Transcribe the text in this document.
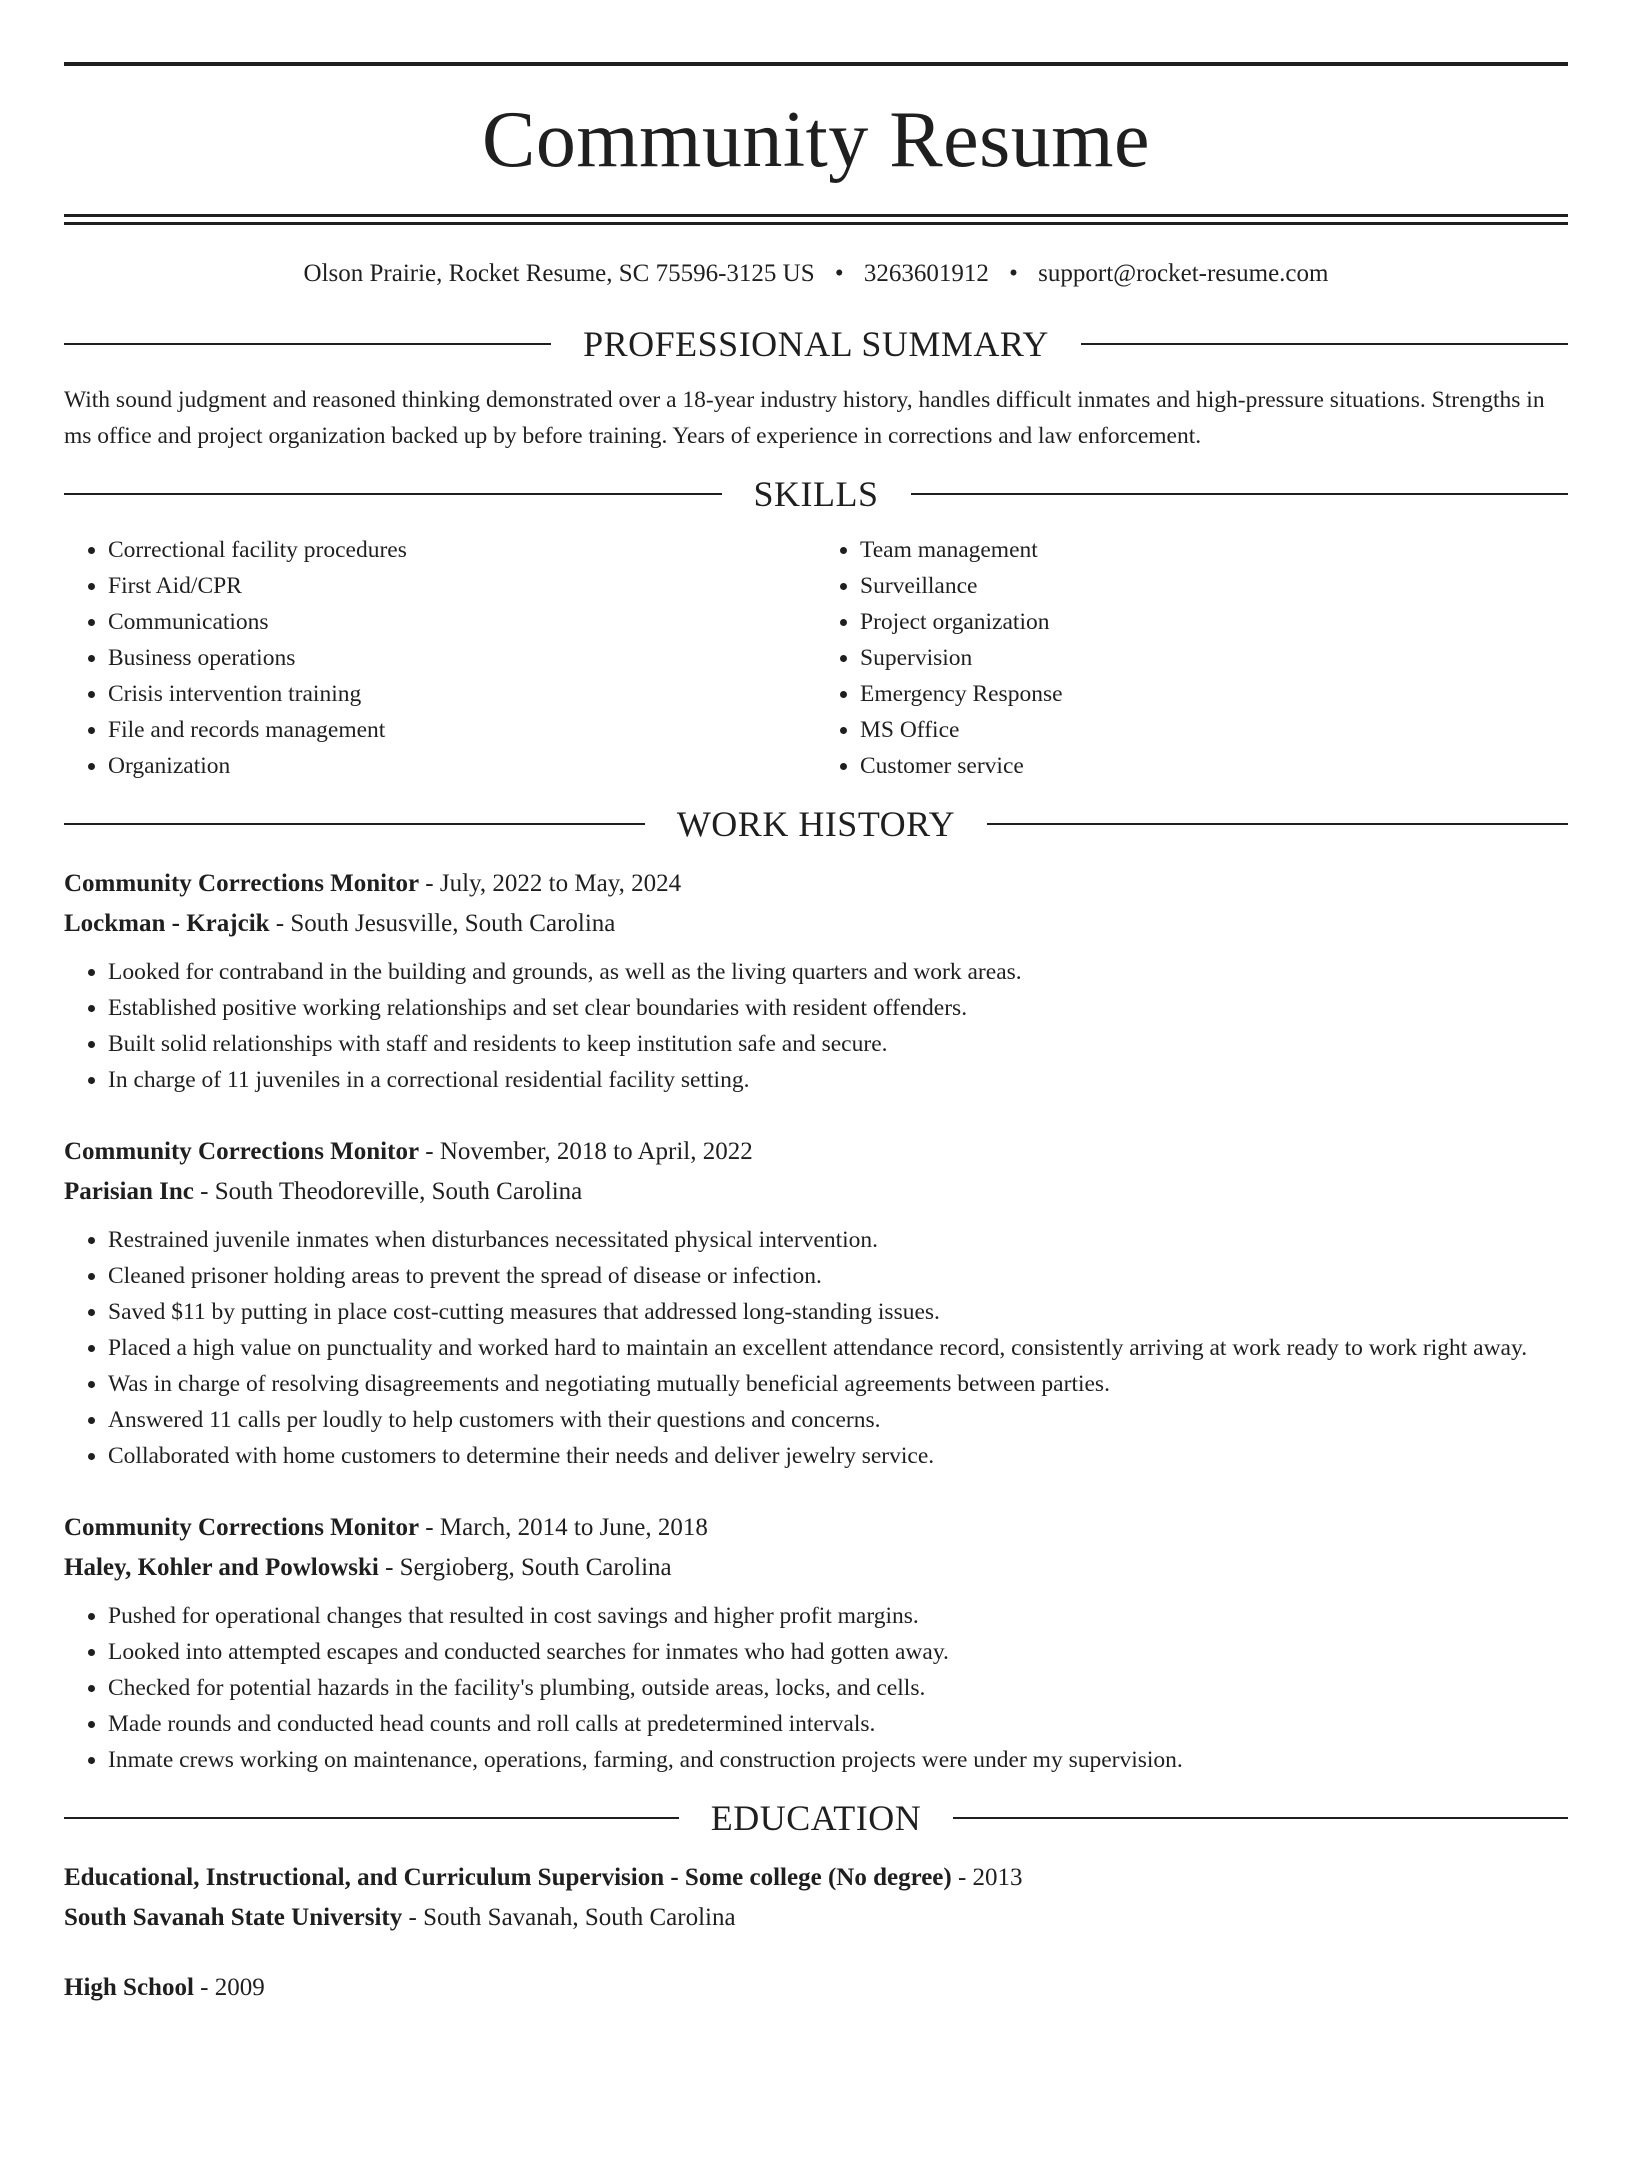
Community Resume
Olson Prairie, Rocket Resume, SC 75596-3125 US • 3263601912 • support@rocket-resume.com
PROFESSIONAL SUMMARY
With sound judgment and reasoned thinking demonstrated over a 18-year industry history, handles difficult inmates and high-pressure situations. Strengths in ms office and project organization backed up by before training. Years of experience in corrections and law enforcement.
SKILLS
• Correctional facility procedures
• First Aid/CPR
• Communications
• Business operations
• Crisis intervention training
• File and records management
• Organization
• Team management
• Surveillance
• Project organization
• Supervision
• Emergency Response
• MS Office
• Customer service
WORK HISTORY
Community Corrections Monitor - July, 2022 to May, 2024
Lockman - Krajcik - South Jesusville, South Carolina
• Looked for contraband in the building and grounds, as well as the living quarters and work areas.
• Established positive working relationships and set clear boundaries with resident offenders.
• Built solid relationships with staff and residents to keep institution safe and secure.
• In charge of 11 juveniles in a correctional residential facility setting.
Community Corrections Monitor - November, 2018 to April, 2022
Parisian Inc - South Theodoreville, South Carolina
• Restrained juvenile inmates when disturbances necessitated physical intervention.
• Cleaned prisoner holding areas to prevent the spread of disease or infection.
• Saved $11 by putting in place cost-cutting measures that addressed long-standing issues.
• Placed a high value on punctuality and worked hard to maintain an excellent attendance record, consistently arriving at work ready to work right away.
• Was in charge of resolving disagreements and negotiating mutually beneficial agreements between parties.
• Answered 11 calls per loudly to help customers with their questions and concerns.
• Collaborated with home customers to determine their needs and deliver jewelry service.
Community Corrections Monitor - March, 2014 to June, 2018
Haley, Kohler and Powlowski - Sergioberg, South Carolina
• Pushed for operational changes that resulted in cost savings and higher profit margins.
• Looked into attempted escapes and conducted searches for inmates who had gotten away.
• Checked for potential hazards in the facility's plumbing, outside areas, locks, and cells.
• Made rounds and conducted head counts and roll calls at predetermined intervals.
• Inmate crews working on maintenance, operations, farming, and construction projects were under my supervision.
EDUCATION
Educational, Instructional, and Curriculum Supervision - Some college (No degree) - 2013
South Savanah State University - South Savanah, South Carolina
High School - 2009
